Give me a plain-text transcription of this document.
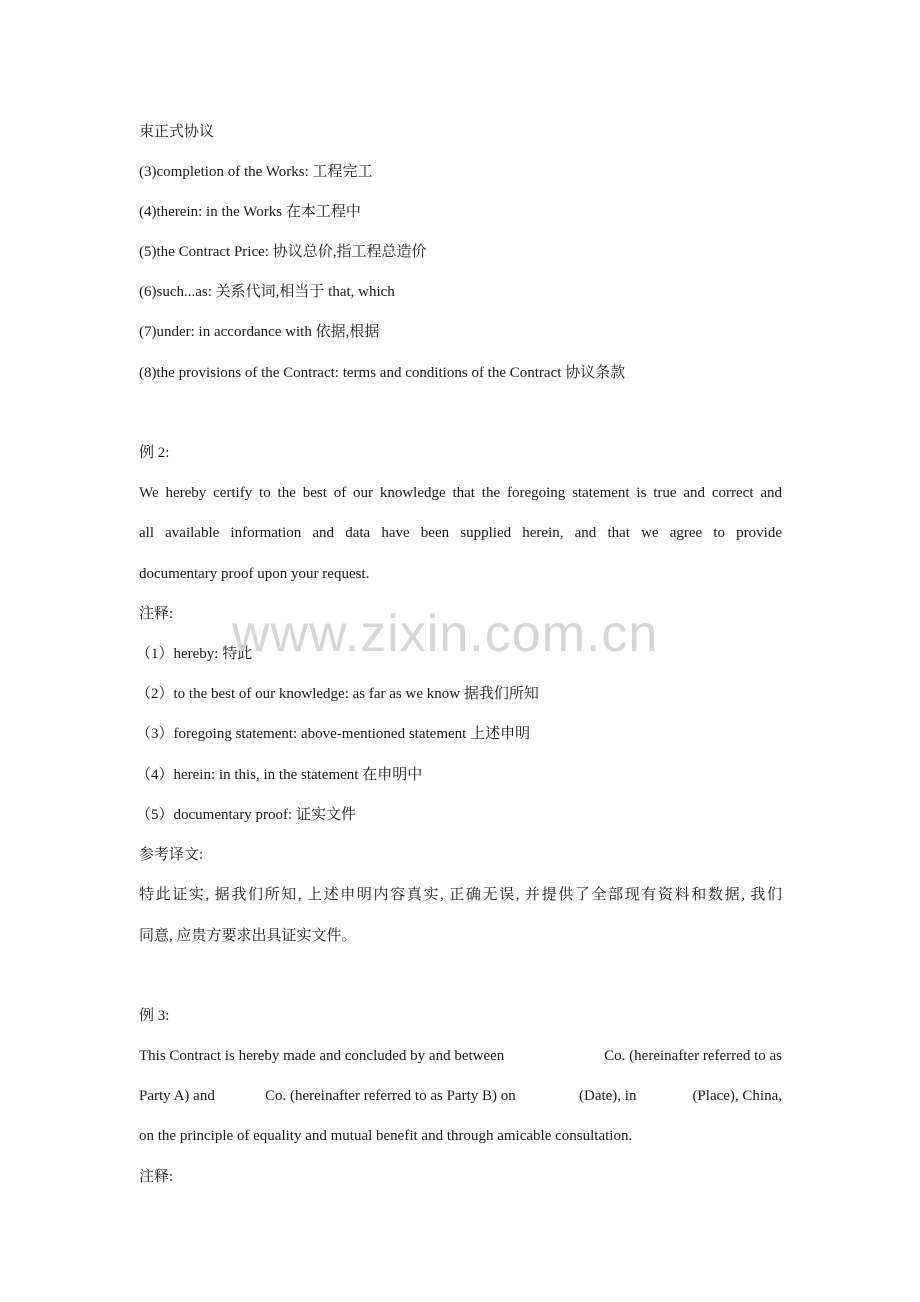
束正式协议
(3)completion of the Works: 工程完工
(4)therein: in the Works 在本工程中
(5)the Contract Price: 协议总价,指工程总造价
(6)such...as: 关系代词,相当于 that, which
(7)under: in accordance with 依据,根据
(8)the provisions of the Contract: terms and conditions of the Contract 协议条款
例 2:
We hereby certify to the best of our knowledge that the foregoing statement is true and correct and
all available information and data have been supplied herein, and that we agree to provide
documentary proof upon your request.
注释:
（1）hereby: 特此
（2）to the best of our knowledge: as far as we know 据我们所知
（3）foregoing statement: above-mentioned statement 上述申明
（4）herein: in this, in the statement 在申明中
（5）documentary proof: 证实文件
参考译文:
特此证实, 据我们所知, 上述申明内容真实, 正确无误, 并提供了全部现有资料和数据, 我们
同意, 应贵方要求出具证实文件。
例 3:
This Contract is hereby made and concluded by and between	Co. (hereinafter referred to as
Party A) and	Co. (hereinafter referred to as Party B) on	(Date), in	(Place), China,
on the principle of equality and mutual benefit and through amicable consultation.
注释:
www.zixin.com.cn
